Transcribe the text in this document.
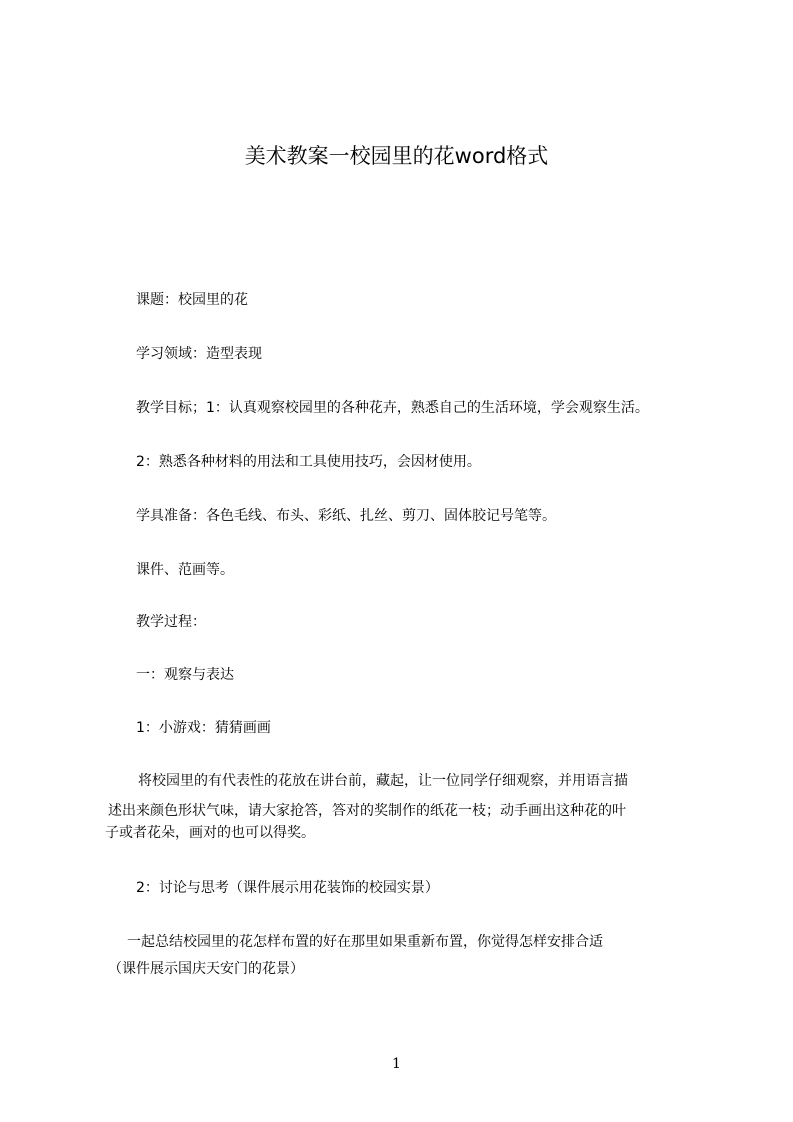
美术教案一校园里的花word格式
课题：校园里的花
学习领域：造型表现
教学目标；1：认真观察校园里的各种花卉，熟悉自己的生活环境，学会观察生活。
2：熟悉各种材料的用法和工具使用技巧，会因材使用。
学具准备：各色毛线、布头、彩纸、扎丝、剪刀、固体胶记号笔等。
课件、范画等。
教学过程：
一：观察与表达
1：小游戏：猜猜画画
将校园里的有代表性的花放在讲台前，藏起，让一位同学仔细观察，并用语言描
述出来颜色形状气味，请大家抢答，答对的奖制作的纸花一枝；动手画出这种花的叶
子或者花朵，画对的也可以得奖。
2：讨论与思考（课件展示用花装饰的校园实景）
一起总结校园里的花怎样布置的好在那里如果重新布置，你觉得怎样安排合适
（课件展示国庆天安门的花景）
1
